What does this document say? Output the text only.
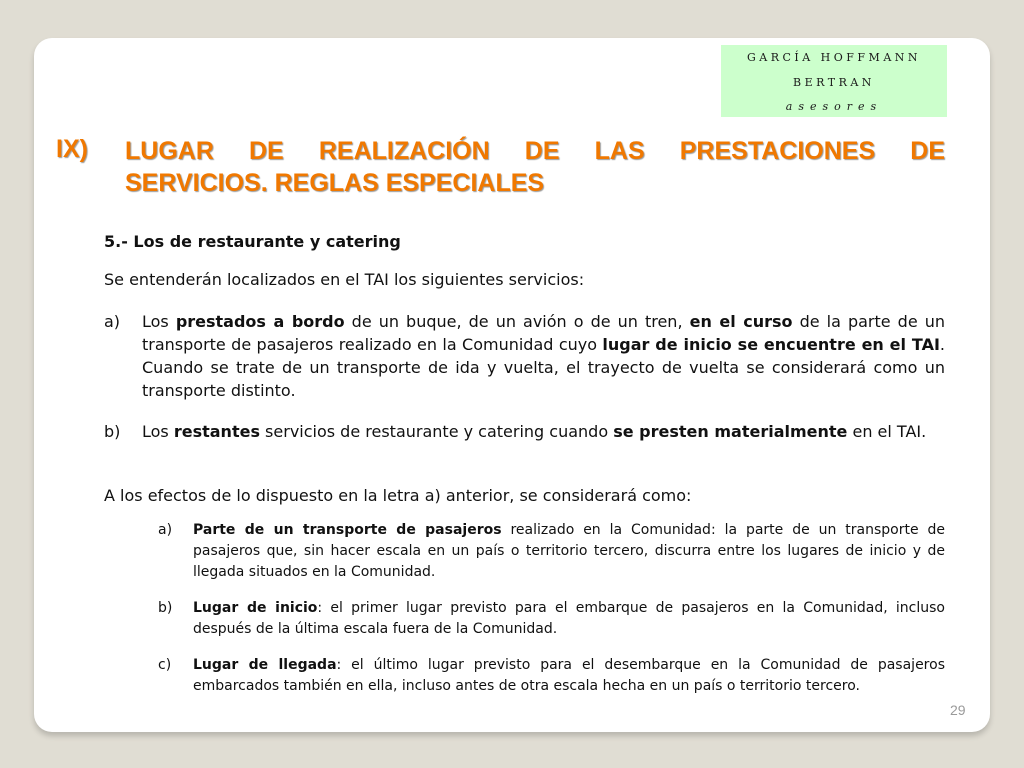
GARCÍA HOFFMANN
BERTRAN
asesores
IX) LUGAR DE REALIZACIÓN DE LAS PRESTACIONES DE
SERVICIOS. REGLAS ESPECIALES
5.- Los de restaurante y catering
Se entenderán localizados en el TAI los siguientes servicios:
a) Los prestados a bordo de un buque, de un avión o de un tren, en el curso de la parte de un transporte de pasajeros realizado en la Comunidad cuyo lugar de inicio se encuentre en el TAI. Cuando se trate de un transporte de ida y vuelta, el trayecto de vuelta se considerará como un transporte distinto.
b) Los restantes servicios de restaurante y catering cuando se presten materialmente en el TAI.
A los efectos de lo dispuesto en la letra a) anterior, se considerará como:
a) Parte de un transporte de pasajeros realizado en la Comunidad: la parte de un transporte de pasajeros que, sin hacer escala en un país o territorio tercero, discurra entre los lugares de inicio y de llegada situados en la Comunidad.
b) Lugar de inicio: el primer lugar previsto para el embarque de pasajeros en la Comunidad, incluso después de la última escala fuera de la Comunidad.
c) Lugar de llegada: el último lugar previsto para el desembarque en la Comunidad de pasajeros embarcados también en ella, incluso antes de otra escala hecha en un país o territorio tercero.
29
